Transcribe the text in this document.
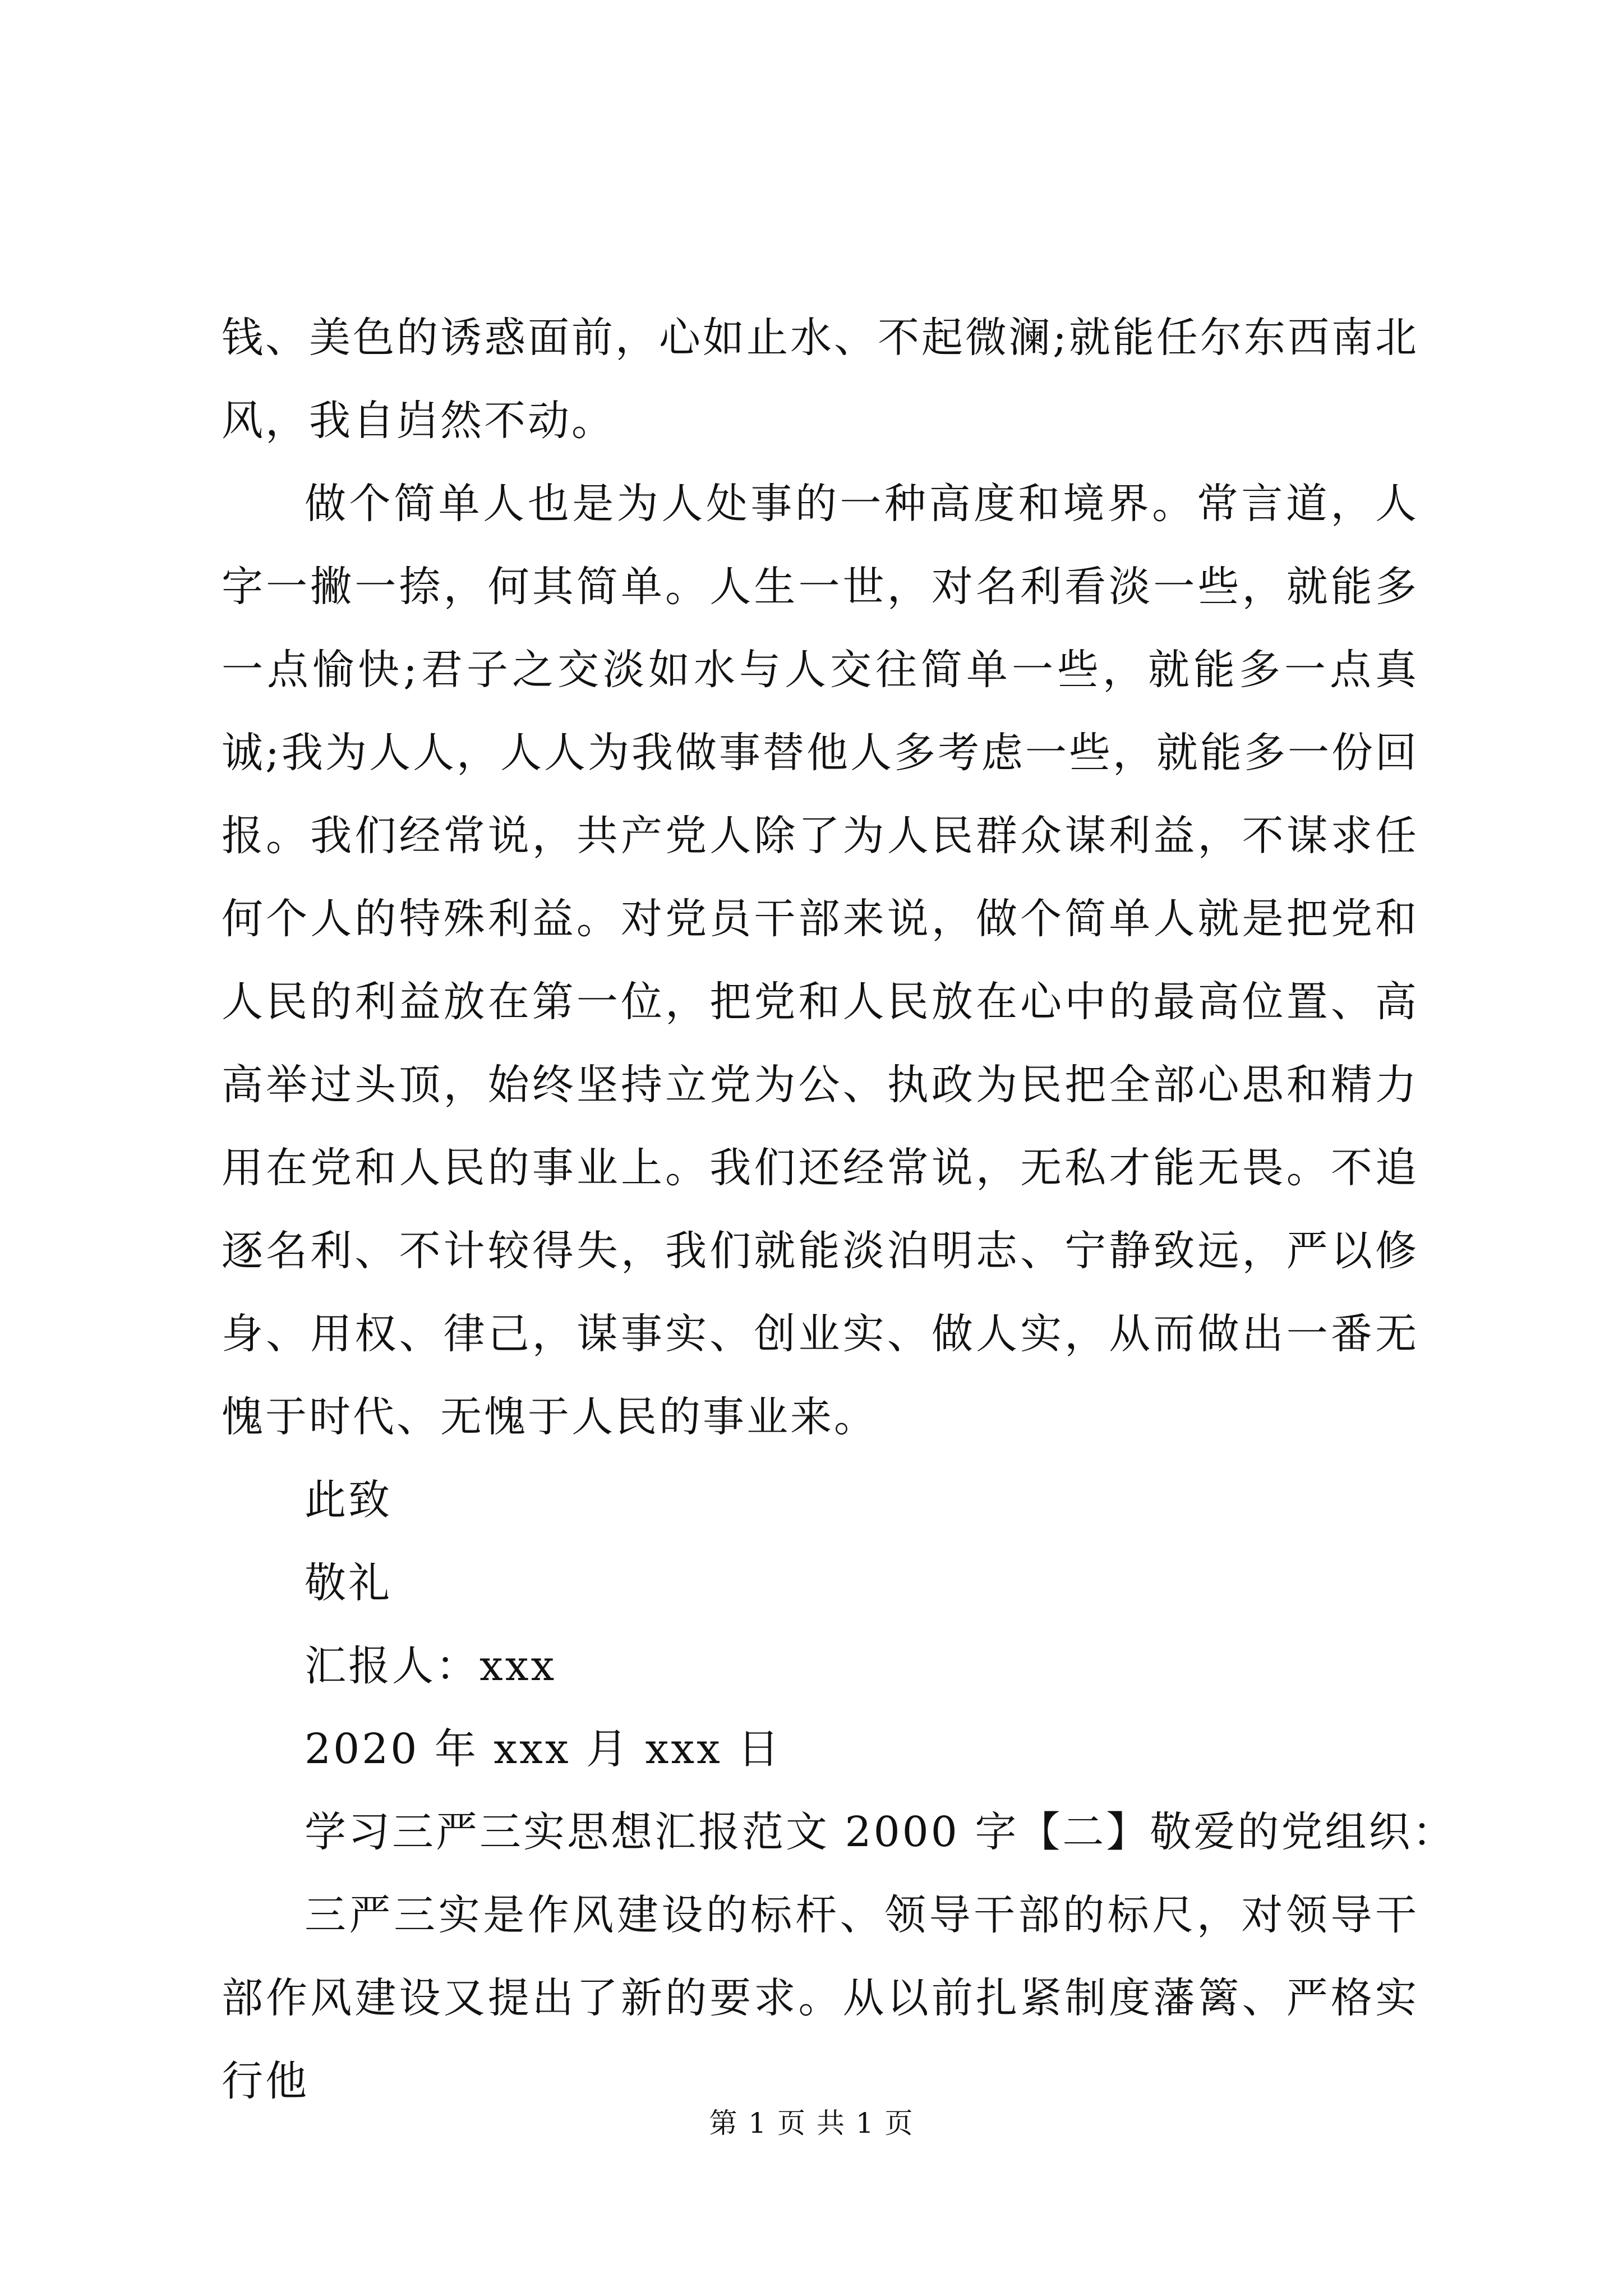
钱、美色的诱惑面前，心如止水、不起微澜;就能任尔东西南北风，我自岿然不动。

做个简单人也是为人处事的一种高度和境界。常言道，人字一撇一捺，何其简单。人生一世，对名利看淡一些，就能多一点愉快;君子之交淡如水与人交往简单一些，就能多一点真诚;我为人人，人人为我做事替他人多考虑一些，就能多一份回报。我们经常说，共产党人除了为人民群众谋利益，不谋求任何个人的特殊利益。对党员干部来说，做个简单人就是把党和人民的利益放在第一位，把党和人民放在心中的最高位置、高高举过头顶，始终坚持立党为公、执政为民把全部心思和精力用在党和人民的事业上。我们还经常说，无私才能无畏。不追逐名利、不计较得失，我们就能淡泊明志、宁静致远，严以修身、用权、律己，谋事实、创业实、做人实，从而做出一番无愧于时代、无愧于人民的事业来。

此致

敬礼

汇报人：xxx

2020 年 xxx 月 xxx 日

学习三严三实思想汇报范文 2000 字【二】敬爱的党组织：

三严三实是作风建设的标杆、领导干部的标尺，对领导干部作风建设又提出了新的要求。从以前扎紧制度藩篱、严格实行他

第 1 页 共 1 页
